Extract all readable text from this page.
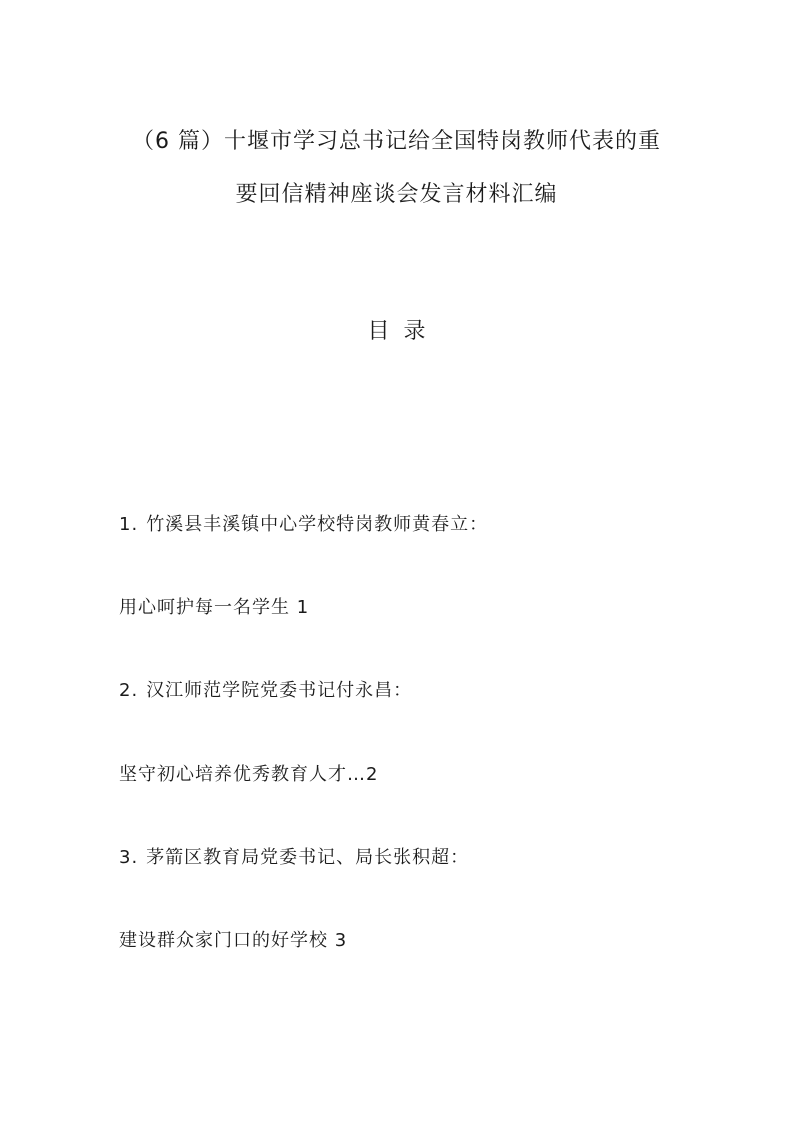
（6 篇）十堰市学习总书记给全国特岗教师代表的重
要回信精神座谈会发言材料汇编
目录
1. 竹溪县丰溪镇中心学校特岗教师黄春立：
用心呵护每一名学生 1
2. 汉江师范学院党委书记付永昌：
坚守初心培养优秀教育人才…2
3. 茅箭区教育局党委书记、局长张积超：
建设群众家门口的好学校 3
